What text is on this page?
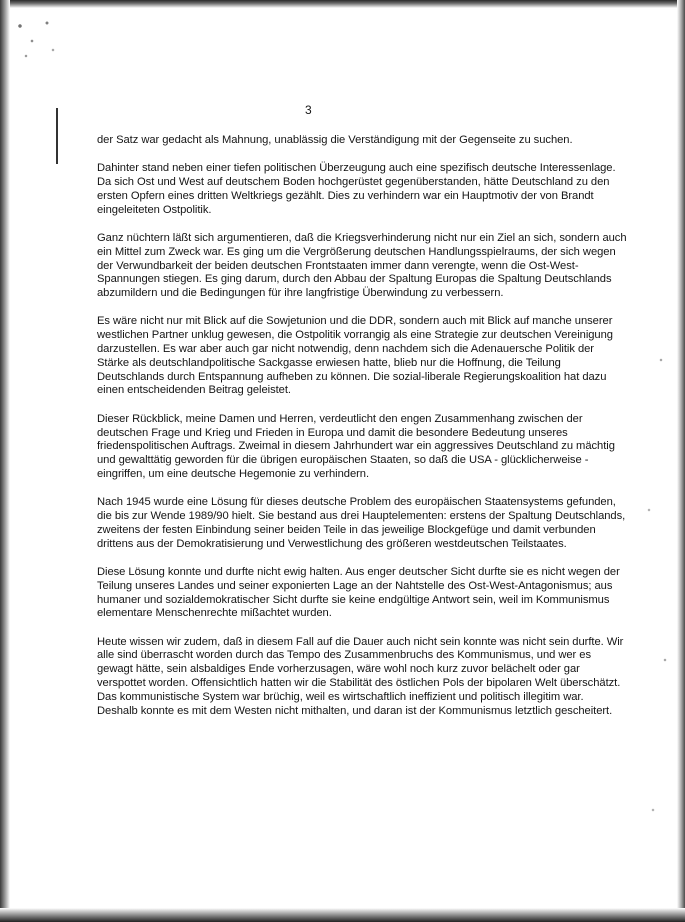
3

der Satz war gedacht als Mahnung, unablässig die Verständigung mit der Gegenseite zu suchen.

Dahinter stand neben einer tiefen politischen Überzeugung auch eine spezifisch deutsche Interessenlage. Da sich Ost und West auf deutschem Boden hochgerüstet gegenüberstanden, hätte Deutschland zu den ersten Opfern eines dritten Weltkriegs gezählt. Dies zu verhindern war ein Hauptmotiv der von Brandt eingeleiteten Ostpolitik.

Ganz nüchtern läßt sich argumentieren, daß die Kriegsverhinderung nicht nur ein Ziel an sich, sondern auch ein Mittel zum Zweck war. Es ging um die Vergrößerung deutschen Handlungsspielraums, der sich wegen der Verwundbarkeit der beiden deutschen Frontstaaten immer dann verengte, wenn die Ost-West-Spannungen stiegen. Es ging darum, durch den Abbau der Spaltung Europas die Spaltung Deutschlands abzumildern und die Bedingungen für ihre langfristige Überwindung zu verbessern.

Es wäre nicht nur mit Blick auf die Sowjetunion und die DDR, sondern auch mit Blick auf manche unserer westlichen Partner unklug gewesen, die Ostpolitik vorrangig als eine Strategie zur deutschen Vereinigung darzustellen. Es war aber auch gar nicht notwendig, denn nachdem sich die Adenauersche Politik der Stärke als deutschlandpolitische Sackgasse erwiesen hatte, blieb nur die Hoffnung, die Teilung Deutschlands durch Entspannung aufheben zu können. Die sozial-liberale Regierungskoalition hat dazu einen entscheidenden Beitrag geleistet.

Dieser Rückblick, meine Damen und Herren, verdeutlicht den engen Zusammenhang zwischen der deutschen Frage und Krieg und Frieden in Europa und damit die besondere Bedeutung unseres friedenspolitischen Auftrags. Zweimal in diesem Jahrhundert war ein aggressives Deutschland zu mächtig und gewalttätig geworden für die übrigen europäischen Staaten, so daß die USA - glücklicherweise - eingriffen, um eine deutsche Hegemonie zu verhindern.

Nach 1945 wurde eine Lösung für dieses deutsche Problem des europäischen Staatensystems gefunden, die bis zur Wende 1989/90 hielt. Sie bestand aus drei Hauptelementen: erstens der Spaltung Deutschlands, zweitens der festen Einbindung seiner beiden Teile in das jeweilige Blockgefüge und damit verbunden drittens aus der Demokratisierung und Verwestlichung des größeren westdeutschen Teilstaates.

Diese Lösung konnte und durfte nicht ewig halten. Aus enger deutscher Sicht durfte sie es nicht wegen der Teilung unseres Landes und seiner exponierten Lage an der Nahtstelle des Ost-West-Antagonismus; aus humaner und sozialdemokratischer Sicht durfte sie keine endgültige Antwort sein, weil im Kommunismus elementare Menschenrechte mißachtet wurden.

Heute wissen wir zudem, daß in diesem Fall auf die Dauer auch nicht sein konnte was nicht sein durfte. Wir alle sind überrascht worden durch das Tempo des Zusammenbruchs des Kommunismus, und wer es gewagt hätte, sein alsbaldiges Ende vorherzusagen, wäre wohl noch kurz zuvor belächelt oder gar verspottet worden. Offensichtlich hatten wir die Stabilität des östlichen Pols der bipolaren Welt überschätzt. Das kommunistische System war brüchig, weil es wirtschaftlich ineffizient und politisch illegitim war. Deshalb konnte es mit dem Westen nicht mithalten, und daran ist der Kommunismus letztlich gescheitert.
